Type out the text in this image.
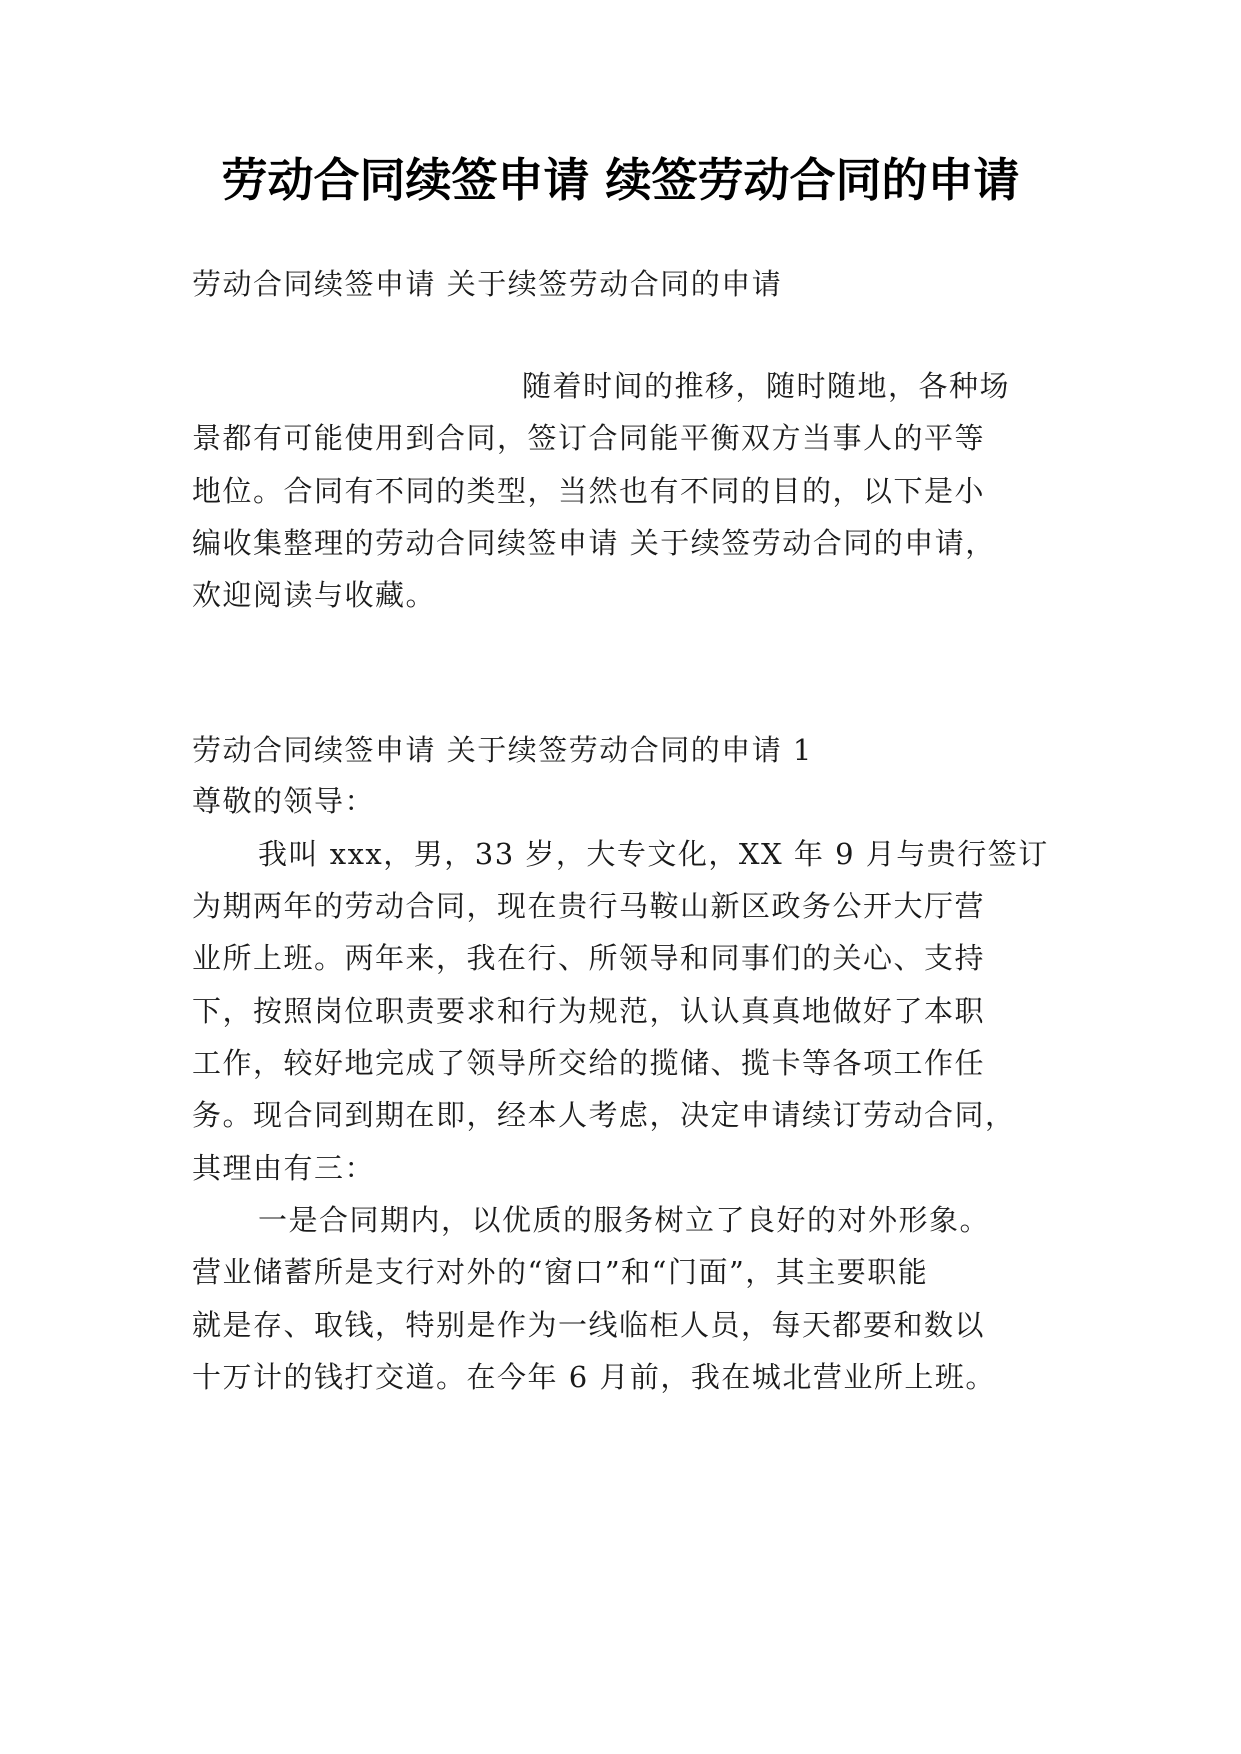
劳动合同续签申请 续签劳动合同的申请
劳动合同续签申请 关于续签劳动合同的申请
随着时间的推移，随时随地，各种场
景都有可能使用到合同，签订合同能平衡双方当事人的平等
地位。合同有不同的类型，当然也有不同的目的，以下是小
编收集整理的劳动合同续签申请 关于续签劳动合同的申请，
欢迎阅读与收藏。
劳动合同续签申请 关于续签劳动合同的申请 1
尊敬的领导：
我叫 xxx，男，33 岁，大专文化，XX 年 9 月与贵行签订
为期两年的劳动合同，现在贵行马鞍山新区政务公开大厅营
业所上班。两年来，我在行、所领导和同事们的关心、支持
下，按照岗位职责要求和行为规范，认认真真地做好了本职
工作，较好地完成了领导所交给的揽储、揽卡等各项工作任
务。现合同到期在即，经本人考虑，决定申请续订劳动合同，
其理由有三：
一是合同期内，以优质的服务树立了良好的对外形象。
营业储蓄所是支行对外的“窗口”和“门面”，其主要职能
就是存、取钱，特别是作为一线临柜人员，每天都要和数以
十万计的钱打交道。在今年 6 月前，我在城北营业所上班。
